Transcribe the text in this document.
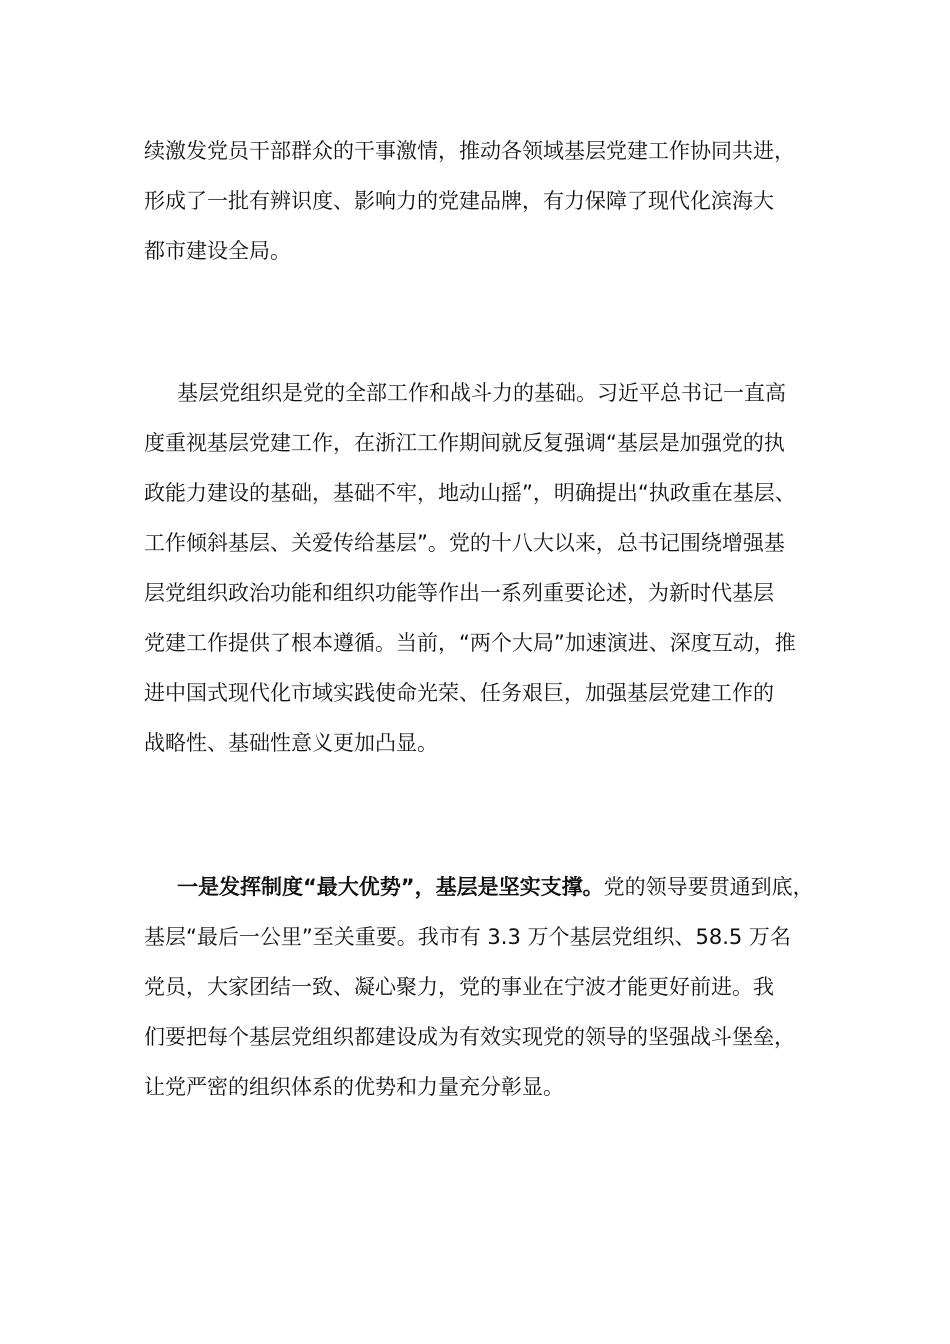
续激发党员干部群众的干事激情，推动各领域基层党建工作协同共进，
形成了一批有辨识度、影响力的党建品牌，有力保障了现代化滨海大
都市建设全局。
基层党组织是党的全部工作和战斗力的基础。习近平总书记一直高
度重视基层党建工作，在浙江工作期间就反复强调“基层是加强党的执
政能力建设的基础，基础不牢，地动山摇”，明确提出“执政重在基层、
工作倾斜基层、关爱传给基层”。党的十八大以来，总书记围绕增强基
层党组织政治功能和组织功能等作出一系列重要论述，为新时代基层
党建工作提供了根本遵循。当前，“两个大局”加速演进、深度互动，推
进中国式现代化市域实践使命光荣、任务艰巨，加强基层党建工作的
战略性、基础性意义更加凸显。
一是发挥制度“最大优势”，基层是坚实支撑。党的领导要贯通到底，
基层“最后一公里”至关重要。我市有 3.3 万个基层党组织、58.5 万名
党员，大家团结一致、凝心聚力，党的事业在宁波才能更好前进。我
们要把每个基层党组织都建设成为有效实现党的领导的坚强战斗堡垒，
让党严密的组织体系的优势和力量充分彰显。
